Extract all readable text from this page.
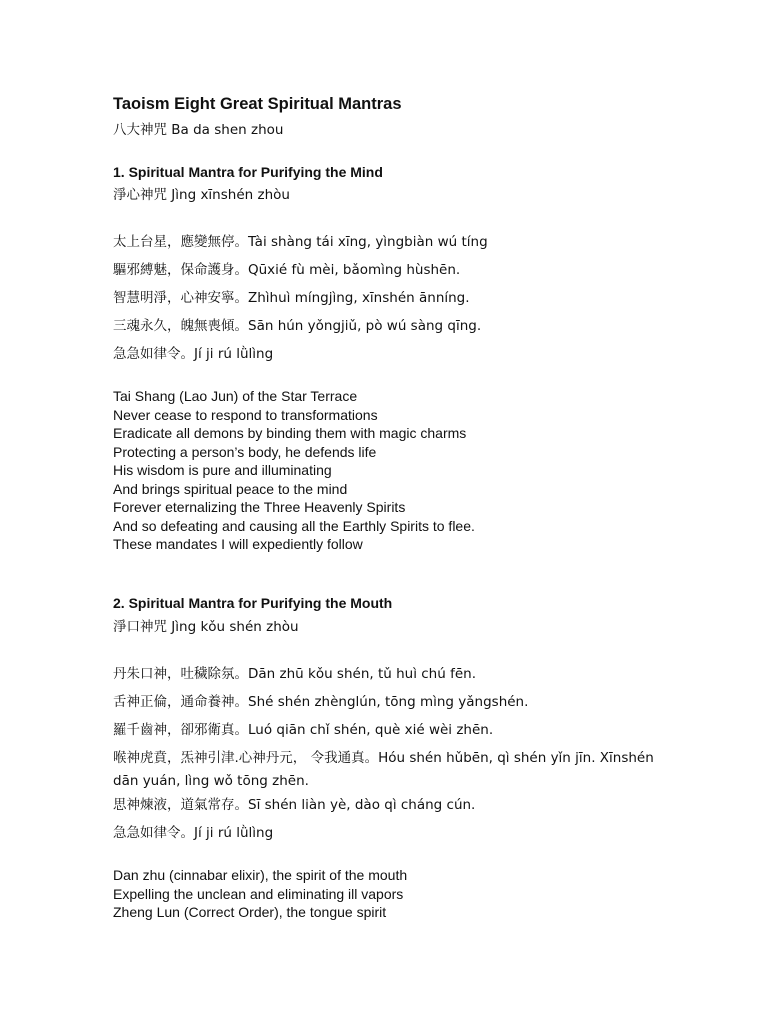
Taoism Eight Great Spiritual Mantras
八大神咒 Ba da shen zhou
1. Spiritual Mantra for Purifying the Mind
淨心神咒 Jìng xīnshén zhòu
太上台星，應變無停。Tài shàng tái xīng, yìngbiàn wú tíng
驅邪縛魅，保命護身。Qūxié fù mèi, bǎomìng hùshēn.
智慧明淨，心神安寧。Zhìhuì míngjìng, xīnshén ānníng.
三魂永久，魄無喪傾。Sān hún yǒngjiǔ, pò wú sàng qīng.
急急如律令。Jí ji rú lǜlìng
Tai Shang (Lao Jun) of the Star Terrace
Never cease to respond to transformations
Eradicate all demons by binding them with magic charms
Protecting a person’s body, he defends life
His wisdom is pure and illuminating
And brings spiritual peace to the mind
Forever eternalizing the Three Heavenly Spirits
And so defeating and causing all the Earthly Spirits to flee.
These mandates I will expediently follow
2. Spiritual Mantra for Purifying the Mouth
淨口神咒 Jìng kǒu shén zhòu
丹朱口神，吐穢除氛。Dān zhū kǒu shén, tǔ huì chú fēn.
舌神正倫，通命養神。Shé shén zhènglún, tōng mìng yǎngshén.
羅千齒神，卻邪衛真。Luó qiān chǐ shén, què xié wèi zhēn.
喉神虎賁，炁神引津.心神丹元， 令我通真。Hóu shén hǔbēn, qì shén yǐn jīn. Xīnshén
dān yuán, lìng wǒ tōng zhēn.
思神煉液，道氣常存。Sī shén liàn yè, dào qì cháng cún.
急急如律令。Jí ji rú lǜlìng
Dan zhu (cinnabar elixir), the spirit of the mouth
Expelling the unclean and eliminating ill vapors
Zheng Lun (Correct Order), the tongue spirit
